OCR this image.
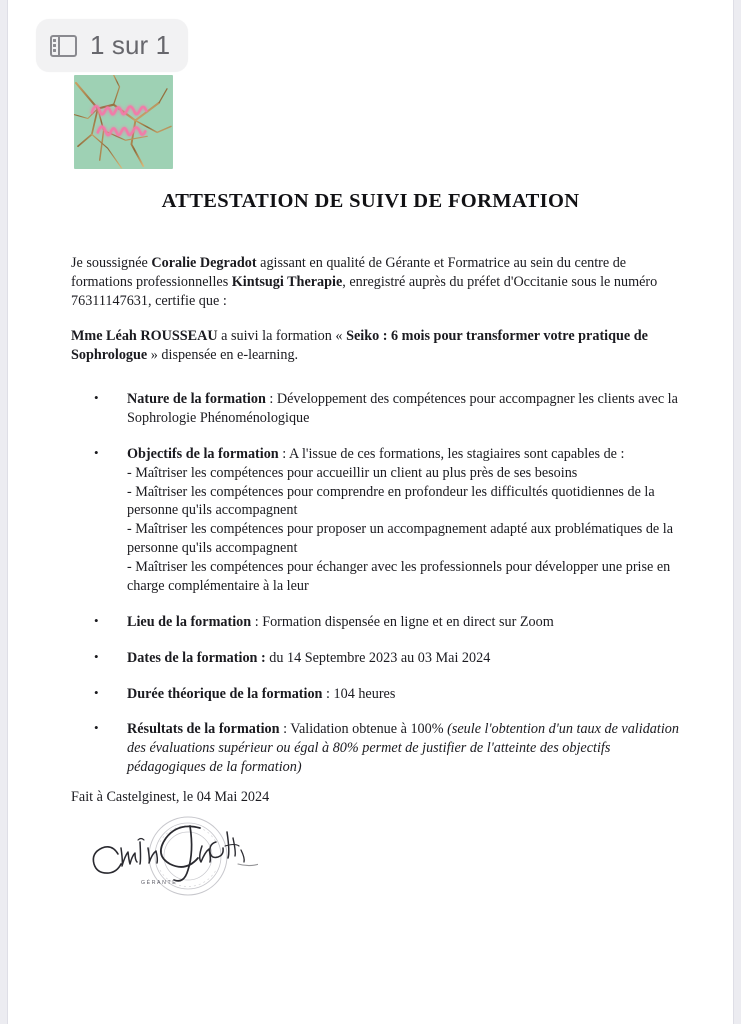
1 sur 1
ATTESTATION DE SUIVI DE FORMATION

Je soussignée Coralie Degradot agissant en qualité de Gérante et Formatrice au sein du centre de formations professionnelles Kintsugi Therapie, enregistré auprès du préfet d'Occitanie sous le numéro 76311147631, certifie que :

Mme Léah ROUSSEAU a suivi la formation « Seiko : 6 mois pour transformer votre pratique de Sophrologue » dispensée en e-learning.

• Nature de la formation : Développement des compétences pour accompagner les clients avec la Sophrologie Phénoménologique
• Objectifs de la formation : A l'issue de ces formations, les stagiaires sont capables de :
- Maîtriser les compétences pour accueillir un client au plus près de ses besoins
- Maîtriser les compétences pour comprendre en profondeur les difficultés quotidiennes de la personne qu'ils accompagnent
- Maîtriser les compétences pour proposer un accompagnement adapté aux problématiques de la personne qu'ils accompagnent
- Maîtriser les compétences pour échanger avec les professionnels pour développer une prise en charge complémentaire à la leur
• Lieu de la formation : Formation dispensée en ligne et en direct sur Zoom
• Dates de la formation : du 14 Septembre 2023 au 03 Mai 2024
• Durée théorique de la formation : 104 heures
• Résultats de la formation : Validation obtenue à 100% (seule l'obtention d'un taux de validation des évaluations supérieur ou égal à 80% permet de justifier de l'atteinte des objectifs pédagogiques de la formation)
Fait à Castelginest, le 04 Mai 2024
GÉRANTE
